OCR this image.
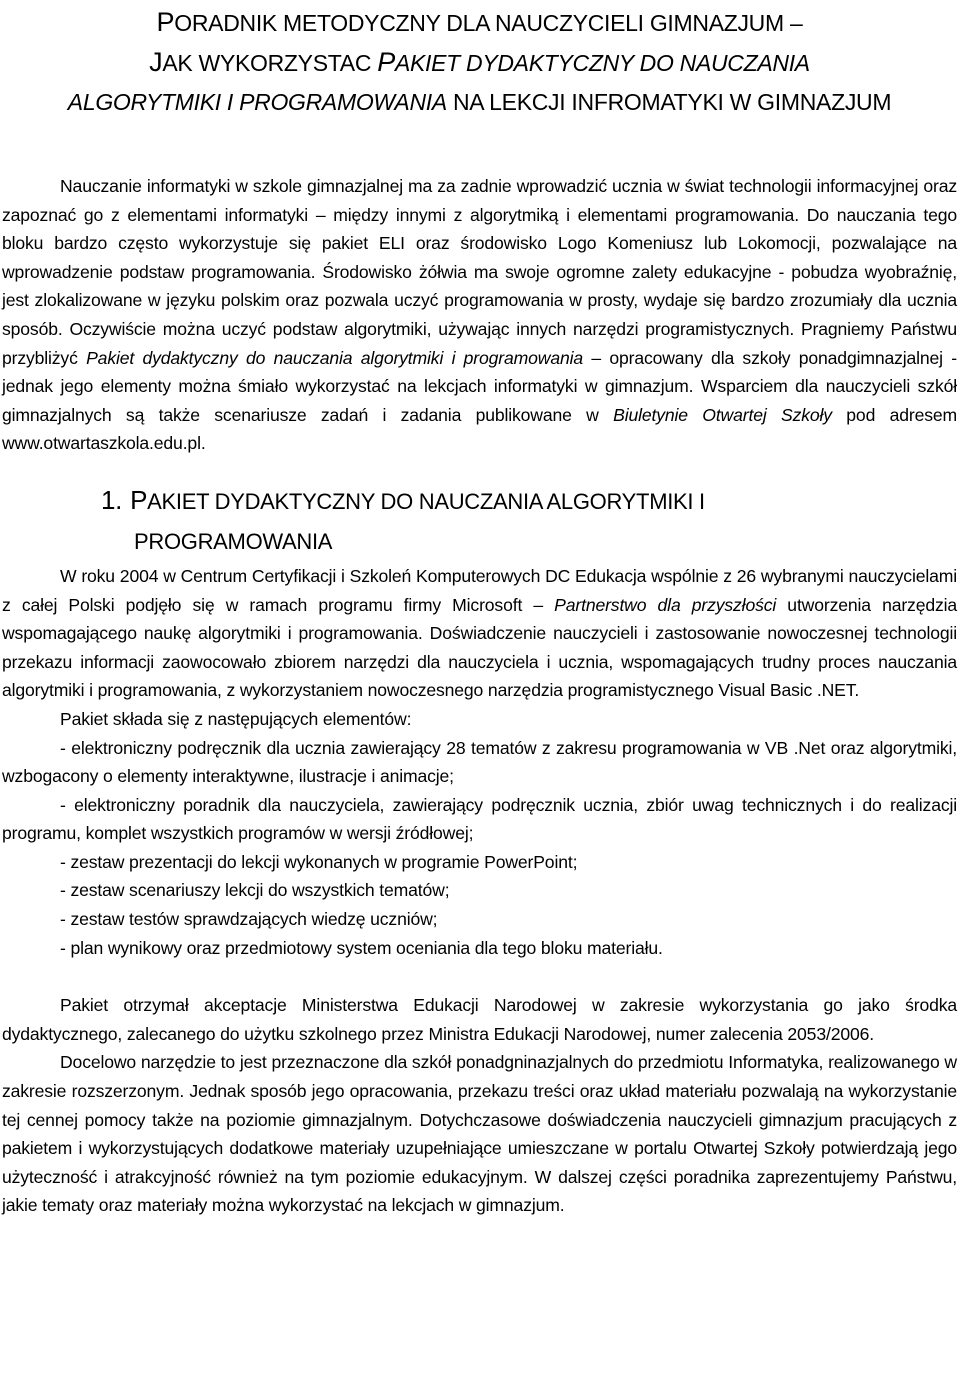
PORADNIK METODYCZNY DLA NAUCZYCIELI GIMNAZJUM –
JAK WYKORZYSTAC PAKIET DYDAKTYCZNY DO NAUCZANIA
ALGORYTMIKI I PROGRAMOWANIA NA LEKCJI INFROMATYKI W GIMNAZJUM

Nauczanie informatyki w szkole gimnazjalnej ma za zadnie wprowadzić ucznia w świat technologii informacyjnej oraz zapoznać go z elementami informatyki – między innymi z algorytmiką i elementami programowania. Do nauczania tego bloku bardzo często wykorzystuje się pakiet ELI oraz środowisko Logo Komeniusz lub Lokomocji, pozwalające na wprowadzenie podstaw programowania. Środowisko żółwia ma swoje ogromne zalety edukacyjne - pobudza wyobraźnię, jest zlokalizowane w języku polskim oraz pozwala uczyć programowania w prosty, wydaje się bardzo zrozumiały dla ucznia sposób. Oczywiście można uczyć podstaw algorytmiki, używając innych narzędzi programistycznych. Pragniemy Państwu przybliżyć Pakiet dydaktyczny do nauczania algorytmiki i programowania – opracowany dla szkoły ponadgimnazjalnej - jednak jego elementy można śmiało wykorzystać na lekcjach informatyki w gimnazjum. Wsparciem dla nauczycieli szkół gimnazjalnych są także scenariusze zadań i zadania publikowane w Biuletynie Otwartej Szkoły pod adresem www.otwartaszkola.edu.pl.

1. PAKIET DYDAKTYCZNY DO NAUCZANIA ALGORYTMIKI I
PROGRAMOWANIA

W roku 2004 w Centrum Certyfikacji i Szkoleń Komputerowych DC Edukacja wspólnie z 26 wybranymi nauczycielami z całej Polski podjęło się w ramach programu firmy Microsoft – Partnerstwo dla przyszłości utworzenia narzędzia wspomagającego naukę algorytmiki i programowania. Doświadczenie nauczycieli i zastosowanie nowoczesnej technologii przekazu informacji zaowocowało zbiorem narzędzi dla nauczyciela i ucznia, wspomagających trudny proces nauczania algorytmiki i programowania, z wykorzystaniem nowoczesnego narzędzia programistycznego Visual Basic .NET.

Pakiet składa się z następujących elementów:

- elektroniczny podręcznik dla ucznia zawierający 28 tematów z zakresu programowania w VB .Net oraz algorytmiki, wzbogacony o elementy interaktywne, ilustracje i animacje;

- elektroniczny poradnik dla nauczyciela, zawierający podręcznik ucznia, zbiór uwag technicznych i do realizacji programu, komplet wszystkich programów w wersji źródłowej;

- zestaw prezentacji do lekcji wykonanych w programie PowerPoint;

- zestaw scenariuszy lekcji do wszystkich tematów;

- zestaw testów sprawdzających wiedzę uczniów;

- plan wynikowy oraz przedmiotowy system oceniania dla tego bloku materiału.

Pakiet otrzymał akceptacje Ministerstwa Edukacji Narodowej w zakresie wykorzystania go jako środka dydaktycznego, zalecanego do użytku szkolnego przez Ministra Edukacji Narodowej, numer zalecenia 2053/2006.

Docelowo narzędzie to jest przeznaczone dla szkół ponadgninazjalnych do przedmiotu Informatyka, realizowanego w zakresie rozszerzonym. Jednak sposób jego opracowania, przekazu treści oraz układ materiału pozwalają na wykorzystanie tej cennej pomocy także na poziomie gimnazjalnym. Dotychczasowe doświadczenia nauczycieli gimnazjum pracujących z pakietem i wykorzystujących dodatkowe materiały uzupełniające umieszczane w portalu Otwartej Szkoły potwierdzają jego użyteczność i atrakcyjność również na tym poziomie edukacyjnym. W dalszej części poradnika zaprezentujemy Państwu, jakie tematy oraz materiały można wykorzystać na lekcjach w gimnazjum.
